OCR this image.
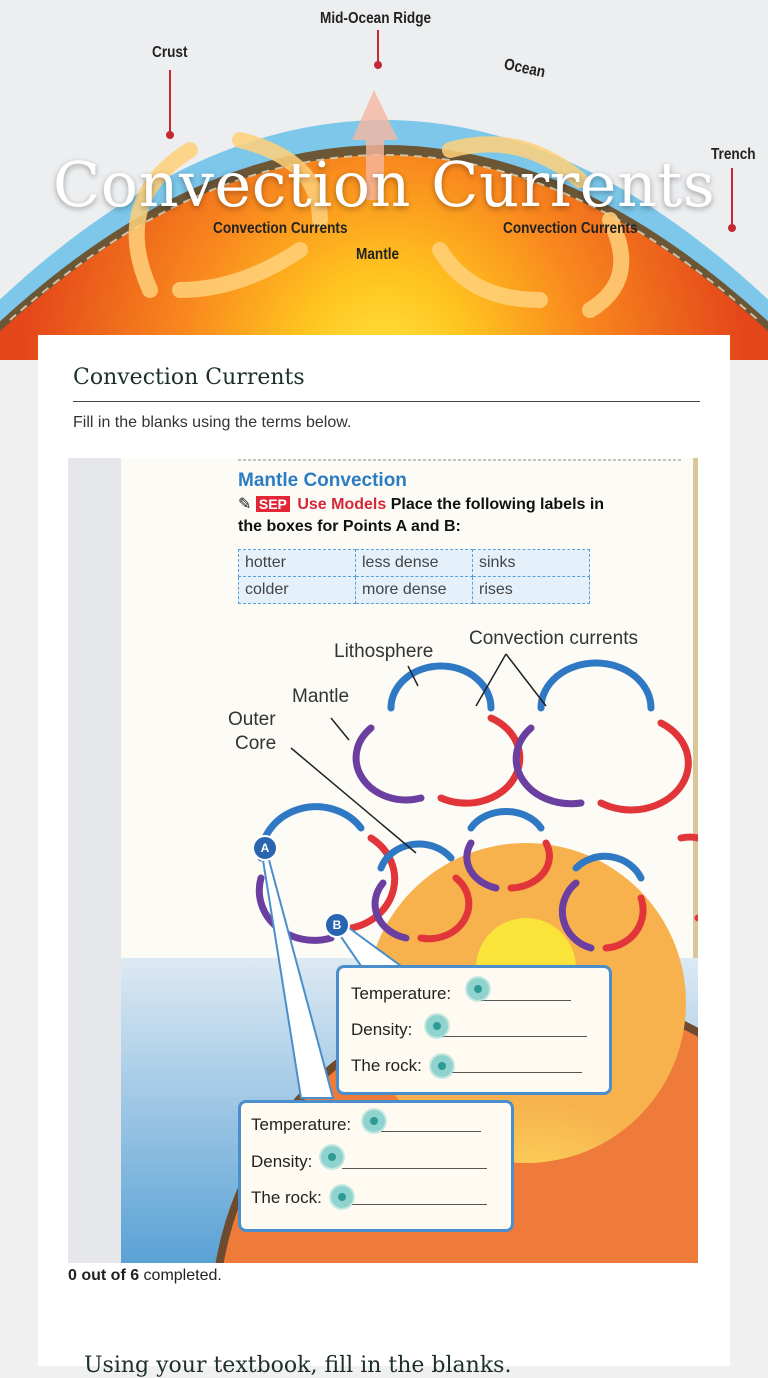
Mid-Ocean Ridge
Crust
Ocean
Trench
Convection Currents	Convection Currents
Mantle
Convection Currents
Convection Currents
Fill in the blanks using the terms below.
Mantle Convection
✎ SEP Use Models Place the following labels in
the boxes for Points A and B:
hotter	less dense	sinks
colder	more dense	rises
Lithosphere
Convection currents
Mantle
Outer
Core
A
B
Temperature:
Density:
The rock:
Temperature:
Density:
The rock:
0 out of 6 completed.
Using your textbook, fill in the blanks.
